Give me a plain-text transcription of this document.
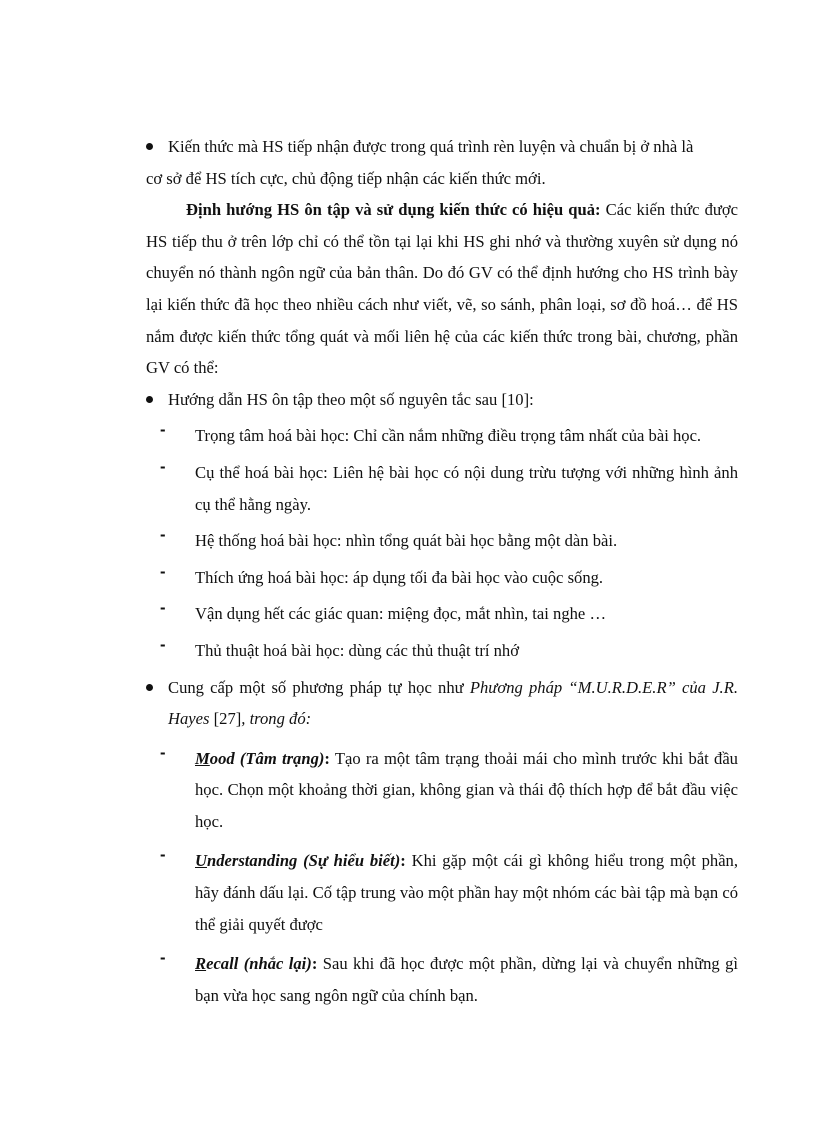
Kiến thức mà HS tiếp nhận được trong quá trình rèn luyện và chuẩn bị ở nhà là
cơ sở để HS tích cực, chủ động tiếp nhận các kiến thức mới.

Định hướng HS ôn tập và sử dụng kiến thức có hiệu quả: Các kiến thức được HS tiếp thu ở trên lớp chỉ có thể tồn tại lại khi HS ghi nhớ và thường xuyên sử dụng nó chuyển nó thành ngôn ngữ của bản thân. Do đó GV có thể định hướng cho HS trình bày lại kiến thức đã học theo nhiều cách như viết, vẽ, so sánh, phân loại, sơ đồ hoá… để HS nắm được kiến thức tổng quát và mối liên hệ của các kiến thức trong bài, chương, phần GV có thể:

Hướng dẫn HS ôn tập theo một số nguyên tắc sau [10]:

- Trọng tâm hoá bài học: Chỉ cần nắm những điều trọng tâm nhất của bài học.

- Cụ thể hoá bài học: Liên hệ bài học có nội dung trừu tượng với những hình ảnh cụ thể hằng ngày.

- Hệ thống hoá bài học: nhìn tổng quát bài học bằng một dàn bài.

- Thích ứng hoá bài học: áp dụng tối đa bài học vào cuộc sống.

- Vận dụng hết các giác quan: miệng đọc, mắt nhìn, tai nghe …

- Thủ thuật hoá bài học: dùng các thủ thuật trí nhớ

Cung cấp một số phương pháp tự học như Phương pháp “M.U.R.D.E.R” của J.R. Hayes [27], trong đó:

- Mood (Tâm trạng): Tạo ra một tâm trạng thoải mái cho mình trước khi bắt đầu học. Chọn một khoảng thời gian, không gian và thái độ thích hợp để bắt đầu việc học.

- Understanding (Sự hiểu biết): Khi gặp một cái gì không hiểu trong một phần, hãy đánh dấu lại. Cố tập trung vào một phần hay một nhóm các bài tập mà bạn có thể giải quyết được

- Recall (nhắc lại): Sau khi đã học được một phần, dừng lại và chuyển những gì bạn vừa học sang ngôn ngữ của chính bạn.
